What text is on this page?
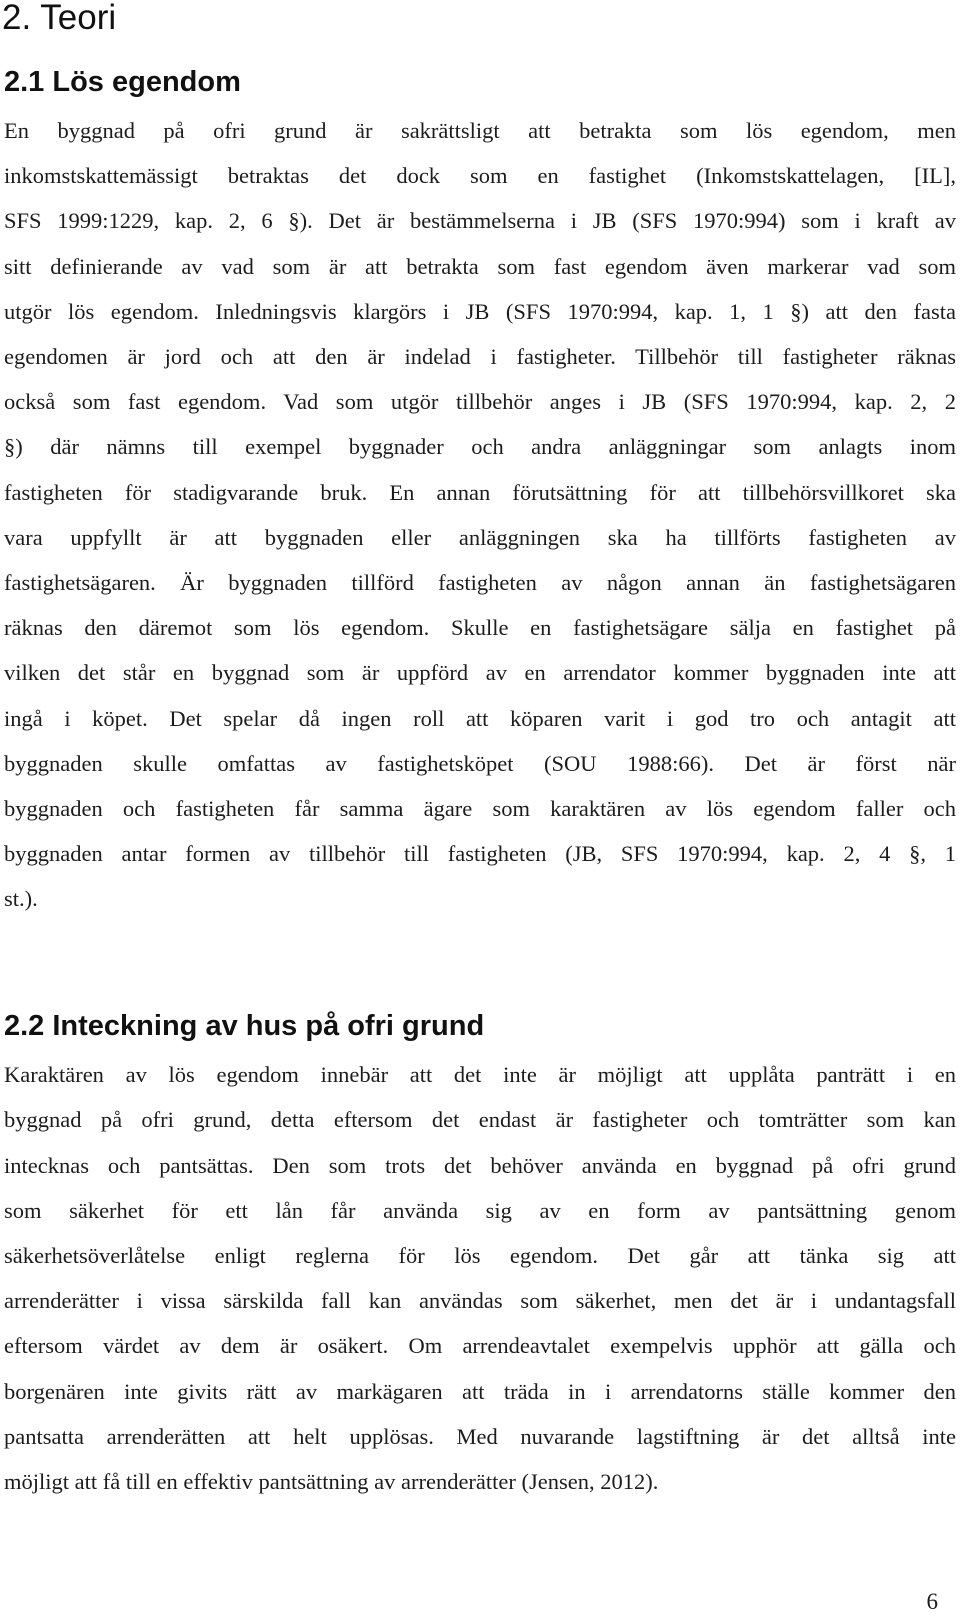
2. Teori
2.1 Lös egendom

En byggnad på ofri grund är sakrättsligt att betrakta som lös egendom, men

inkomstskattemässigt betraktas det dock som en fastighet (Inkomstskattelagen, [IL],

SFS 1999:1229, kap. 2, 6 §). Det är bestämmelserna i JB (SFS 1970:994) som i kraft av

sitt definierande av vad som är att betrakta som fast egendom även markerar vad som

utgör lös egendom. Inledningsvis klargörs i JB (SFS 1970:994, kap. 1, 1 §) att den fasta

egendomen är jord och att den är indelad i fastigheter. Tillbehör till fastigheter räknas

också som fast egendom. Vad som utgör tillbehör anges i JB (SFS 1970:994, kap. 2, 2

§) där nämns till exempel byggnader och andra anläggningar som anlagts inom

fastigheten för stadigvarande bruk. En annan förutsättning för att tillbehörsvillkoret ska

vara uppfyllt är att byggnaden eller anläggningen ska ha tillförts fastigheten av

fastighetsägaren. Är byggnaden tillförd fastigheten av någon annan än fastighetsägaren

räknas den däremot som lös egendom. Skulle en fastighetsägare sälja en fastighet på

vilken det står en byggnad som är uppförd av en arrendator kommer byggnaden inte att

ingå i köpet. Det spelar då ingen roll att köparen varit i god tro och antagit att

byggnaden skulle omfattas av fastighetsköpet (SOU 1988:66). Det är först när

byggnaden och fastigheten får samma ägare som karaktären av lös egendom faller och

byggnaden antar formen av tillbehör till fastigheten (JB, SFS 1970:994, kap. 2, 4 §, 1

st.).

2.2 Inteckning av hus på ofri grund

Karaktären av lös egendom innebär att det inte är möjligt att upplåta panträtt i en

byggnad på ofri grund, detta eftersom det endast är fastigheter och tomträtter som kan

intecknas och pantsättas. Den som trots det behöver använda en byggnad på ofri grund

som säkerhet för ett lån får använda sig av en form av pantsättning genom

säkerhetsöverlåtelse enligt reglerna för lös egendom. Det går att tänka sig att

arrenderätter i vissa särskilda fall kan användas som säkerhet, men det är i undantagsfall

eftersom värdet av dem är osäkert. Om arrendeavtalet exempelvis upphör att gälla och

borgenären inte givits rätt av markägaren att träda in i arrendatorns ställe kommer den

pantsatta arrenderätten att helt upplösas. Med nuvarande lagstiftning är det alltså inte

möjligt att få till en effektiv pantsättning av arrenderätter (Jensen, 2012).

6
